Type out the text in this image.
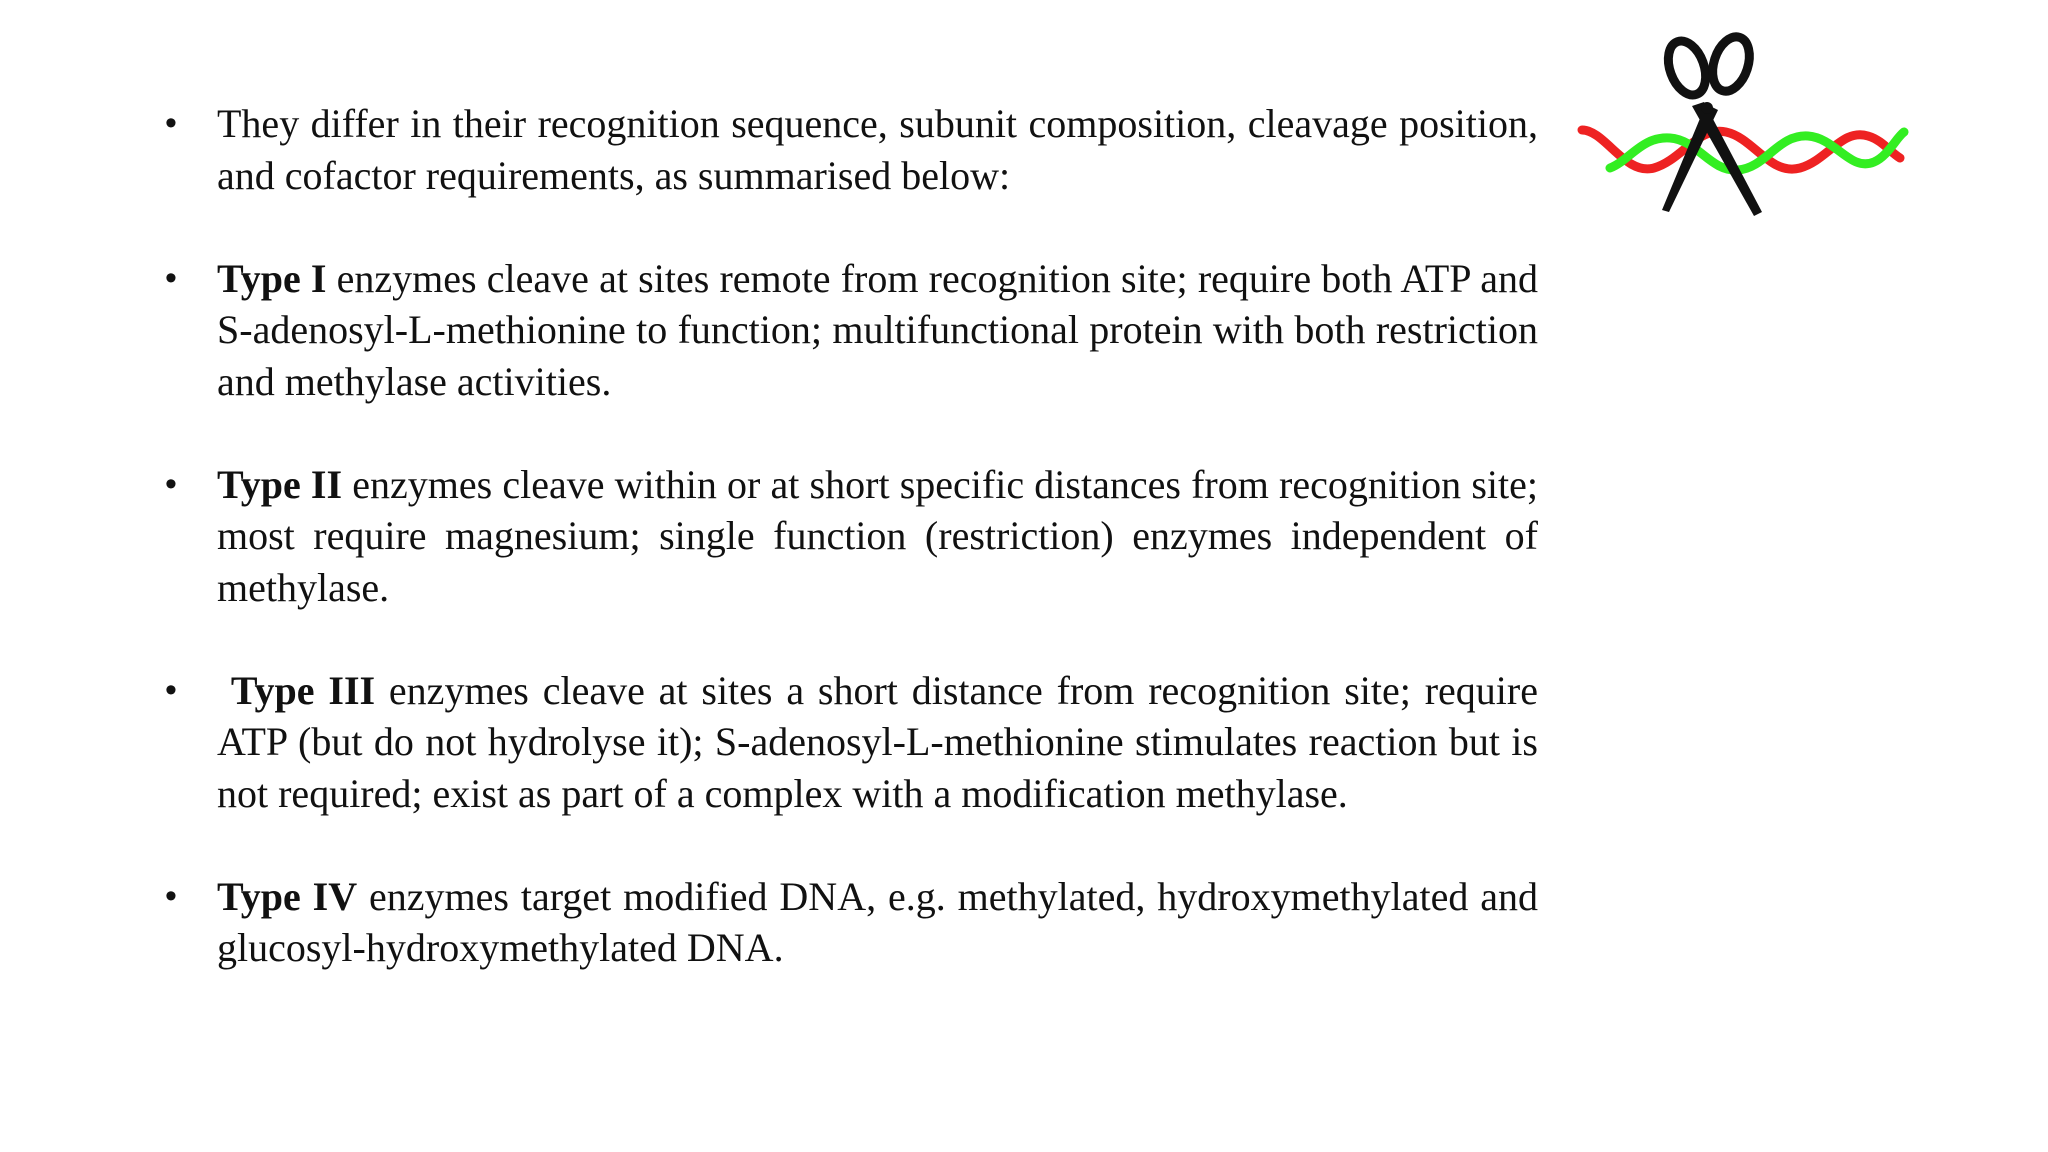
• They differ in their recognition sequence, subunit composition, cleavage position, and cofactor requirements, as summarised below:
• Type I enzymes cleave at sites remote from recognition site; require both ATP and S-adenosyl-L-methionine to function; multifunctional protein with both restriction and methylase activities.
• Type II enzymes cleave within or at short specific distances from recognition site; most require magnesium; single function (restriction) enzymes independent of methylase.
• Type III enzymes cleave at sites a short distance from recognition site; require ATP (but do not hydrolyse it); S-adenosyl-L-methionine stimulates reaction but is not required; exist as part of a complex with a modification methylase.
• Type IV enzymes target modified DNA, e.g. methylated, hydroxymethylated and glucosyl-hydroxymethylated DNA.
